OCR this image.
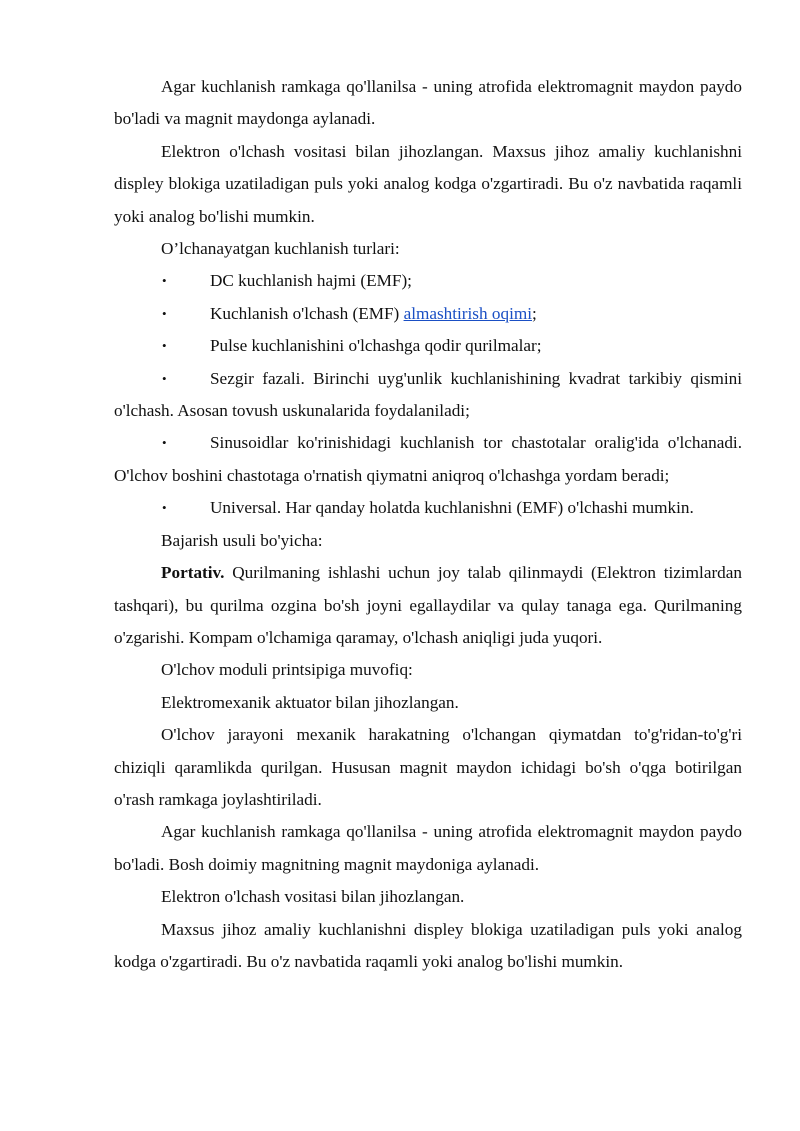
Agar kuchlanish ramkaga qo'llanilsa - uning atrofida elektromagnit maydon paydo bo'ladi va magnit maydonga aylanadi.

Elektron o'lchash vositasi bilan jihozlangan. Maxsus jihoz amaliy kuchlanishni displey blokiga uzatiladigan puls yoki analog kodga o'zgartiradi. Bu o'z navbatida raqamli yoki analog bo'lishi mumkin.

O’lchanayatgan kuchlanish turlari:

•	DC kuchlanish hajmi (EMF);

•	Kuchlanish o'lchash (EMF) almashtirish oqimi;

•	Pulse kuchlanishini o'lchashga qodir qurilmalar;

•	Sezgir fazali. Birinchi uyg'unlik kuchlanishining kvadrat tarkibiy qismini o'lchash. Asosan tovush uskunalarida foydalaniladi;

•	Sinusoidlar ko'rinishidagi kuchlanish tor chastotalar oralig'ida o'lchanadi. O'lchov boshini chastotaga o'rnatish qiymatni aniqroq o'lchashga yordam beradi;

•	Universal. Har qanday holatda kuchlanishni (EMF) o'lchashi mumkin.

Bajarish usuli bo'yicha:

Portativ. Qurilmaning ishlashi uchun joy talab qilinmaydi (Elektron tizimlardan tashqari), bu qurilma ozgina bo'sh joyni egallaydilar va qulay tanaga ega. Qurilmaning o'zgarishi. Kompam o'lchamiga qaramay, o'lchash aniqligi juda yuqori.

O'lchov moduli printsipiga muvofiq:

Elektromexanik aktuator bilan jihozlangan.

O'lchov jarayoni mexanik harakatning o'lchangan qiymatdan to'g'ridan-to'g'ri chiziqli qaramlikda qurilgan. Hususan magnit maydon ichidagi bo'sh o'qga botirilgan o'rash ramkaga joylashtiriladi.

Agar kuchlanish ramkaga qo'llanilsa - uning atrofida elektromagnit maydon paydo bo'ladi. Bosh doimiy magnitning magnit maydoniga aylanadi.

Elektron o'lchash vositasi bilan jihozlangan.

Maxsus jihoz amaliy kuchlanishni displey blokiga uzatiladigan puls yoki analog kodga o'zgartiradi. Bu o'z navbatida raqamli yoki analog bo'lishi mumkin.
